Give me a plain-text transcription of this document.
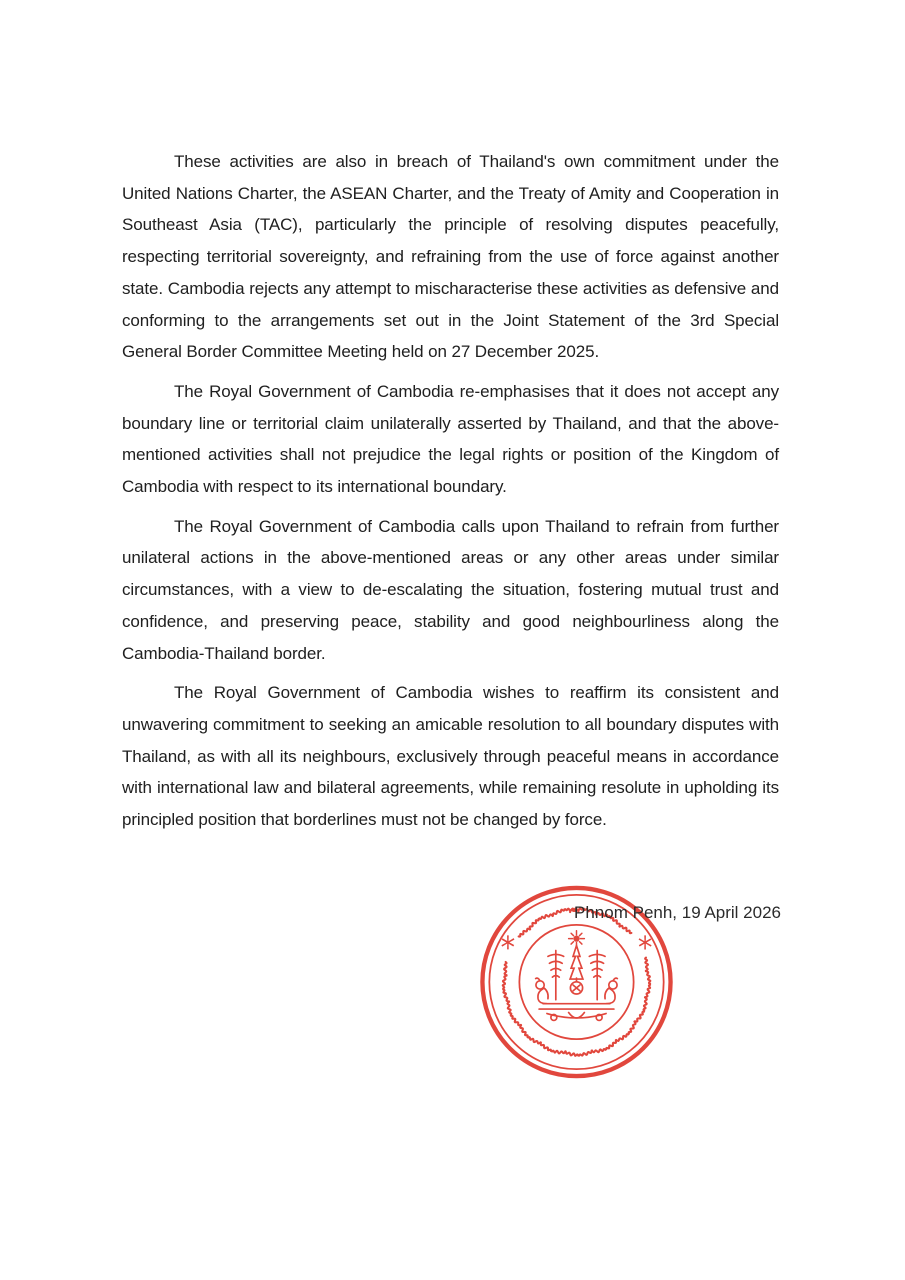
These activities are also in breach of Thailand's own commitment under the United Nations Charter, the ASEAN Charter, and the Treaty of Amity and Cooperation in Southeast Asia (TAC), particularly the principle of resolving disputes peacefully, respecting territorial sovereignty, and refraining from the use of force against another state. Cambodia rejects any attempt to mischaracterise these activities as defensive and conforming to the arrangements set out in the Joint Statement of the 3rd Special General Border Committee Meeting held on 27 December 2025.

The Royal Government of Cambodia re-emphasises that it does not accept any boundary line or territorial claim unilaterally asserted by Thailand, and that the above-mentioned activities shall not prejudice the legal rights or position of the Kingdom of Cambodia with respect to its international boundary.

The Royal Government of Cambodia calls upon Thailand to refrain from further unilateral actions in the above-mentioned areas or any other areas under similar circumstances, with a view to de-escalating the situation, fostering mutual trust and confidence, and preserving peace, stability and good neighbourliness along the Cambodia-Thailand border.

The Royal Government of Cambodia wishes to reaffirm its consistent and unwavering commitment to seeking an amicable resolution to all boundary disputes with Thailand, as with all its neighbours, exclusively through peaceful means in accordance with international law and bilateral agreements, while remaining resolute in upholding its principled position that borderlines must not be changed by force.

Phnom Penh, 19 April 2026
*	*
